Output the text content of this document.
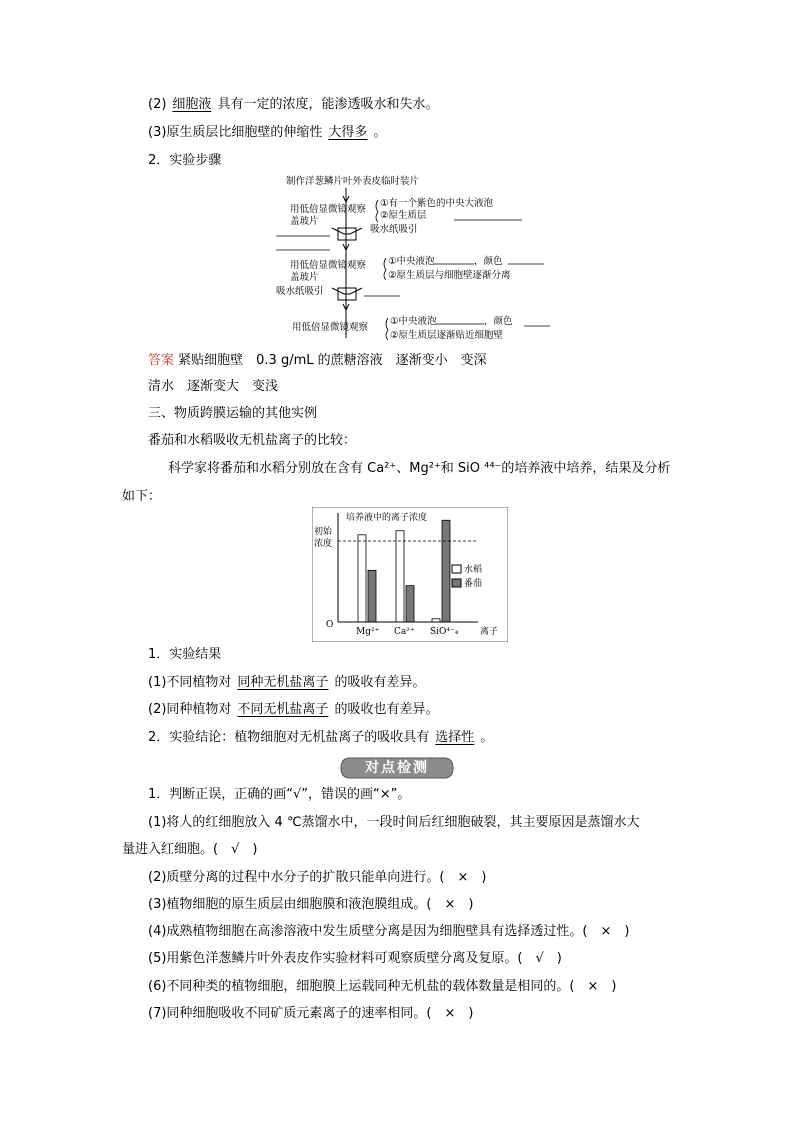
(2) 细胞液 具有一定的浓度，能渗透吸水和失水。
(3)原生质层比细胞壁的伸缩性 大得多 。
2．实验步骤
制作洋葱鳞片叶外表皮临时装片
用低倍显微镜观察
盖玻片
①有一个紫色的中央大液泡
②原生质层
吸水纸吸引
用低倍显微镜观察
盖玻片
①中央液泡	，颜色
②原生质层与细胞壁逐渐分离
吸水纸吸引
用低倍显微镜观察
①中央液泡	，颜色
②原生质层逐渐贴近细胞壁
答案 紧贴细胞壁　0.3 g/mL 的蔗糖溶液　逐渐变小　变深
清水　逐渐变大　变浅
三、物质跨膜运输的其他实例
番茄和水稻吸收无机盐离子的比较：
科学家将番茄和水稻分别放在含有 Ca²⁺、Mg²⁺和 SiO ⁴⁴⁻的培养液中培养，结果及分析
如下：
培养液中的离子浓度
初始
浓度
O
离子
Mg²⁺ Ca²⁺ SiO⁴⁻₄
水稻
番茄
1．实验结果
(1)不同植物对 同种无机盐离子 的吸收有差异。
(2)同种植物对 不同无机盐离子 的吸收也有差异。
2．实验结论：植物细胞对无机盐离子的吸收具有 选择性 。
对点检测
1．判断正误，正确的画“√”，错误的画“×”。
(1)将人的红细胞放入 4 ℃蒸馏水中，一段时间后红细胞破裂，其主要原因是蒸馏水大
量进入红细胞。(　√　)
(2)质壁分离的过程中水分子的扩散只能单向进行。(　×　)
(3)植物细胞的原生质层由细胞膜和液泡膜组成。(　×　)
(4)成熟植物细胞在高渗溶液中发生质壁分离是因为细胞壁具有选择透过性。(　×　)
(5)用紫色洋葱鳞片叶外表皮作实验材料可观察质壁分离及复原。(　√　)
(6)不同种类的植物细胞，细胞膜上运载同种无机盐的载体数量是相同的。(　×　)
(7)同种细胞吸收不同矿质元素离子的速率相同。(　×　)
